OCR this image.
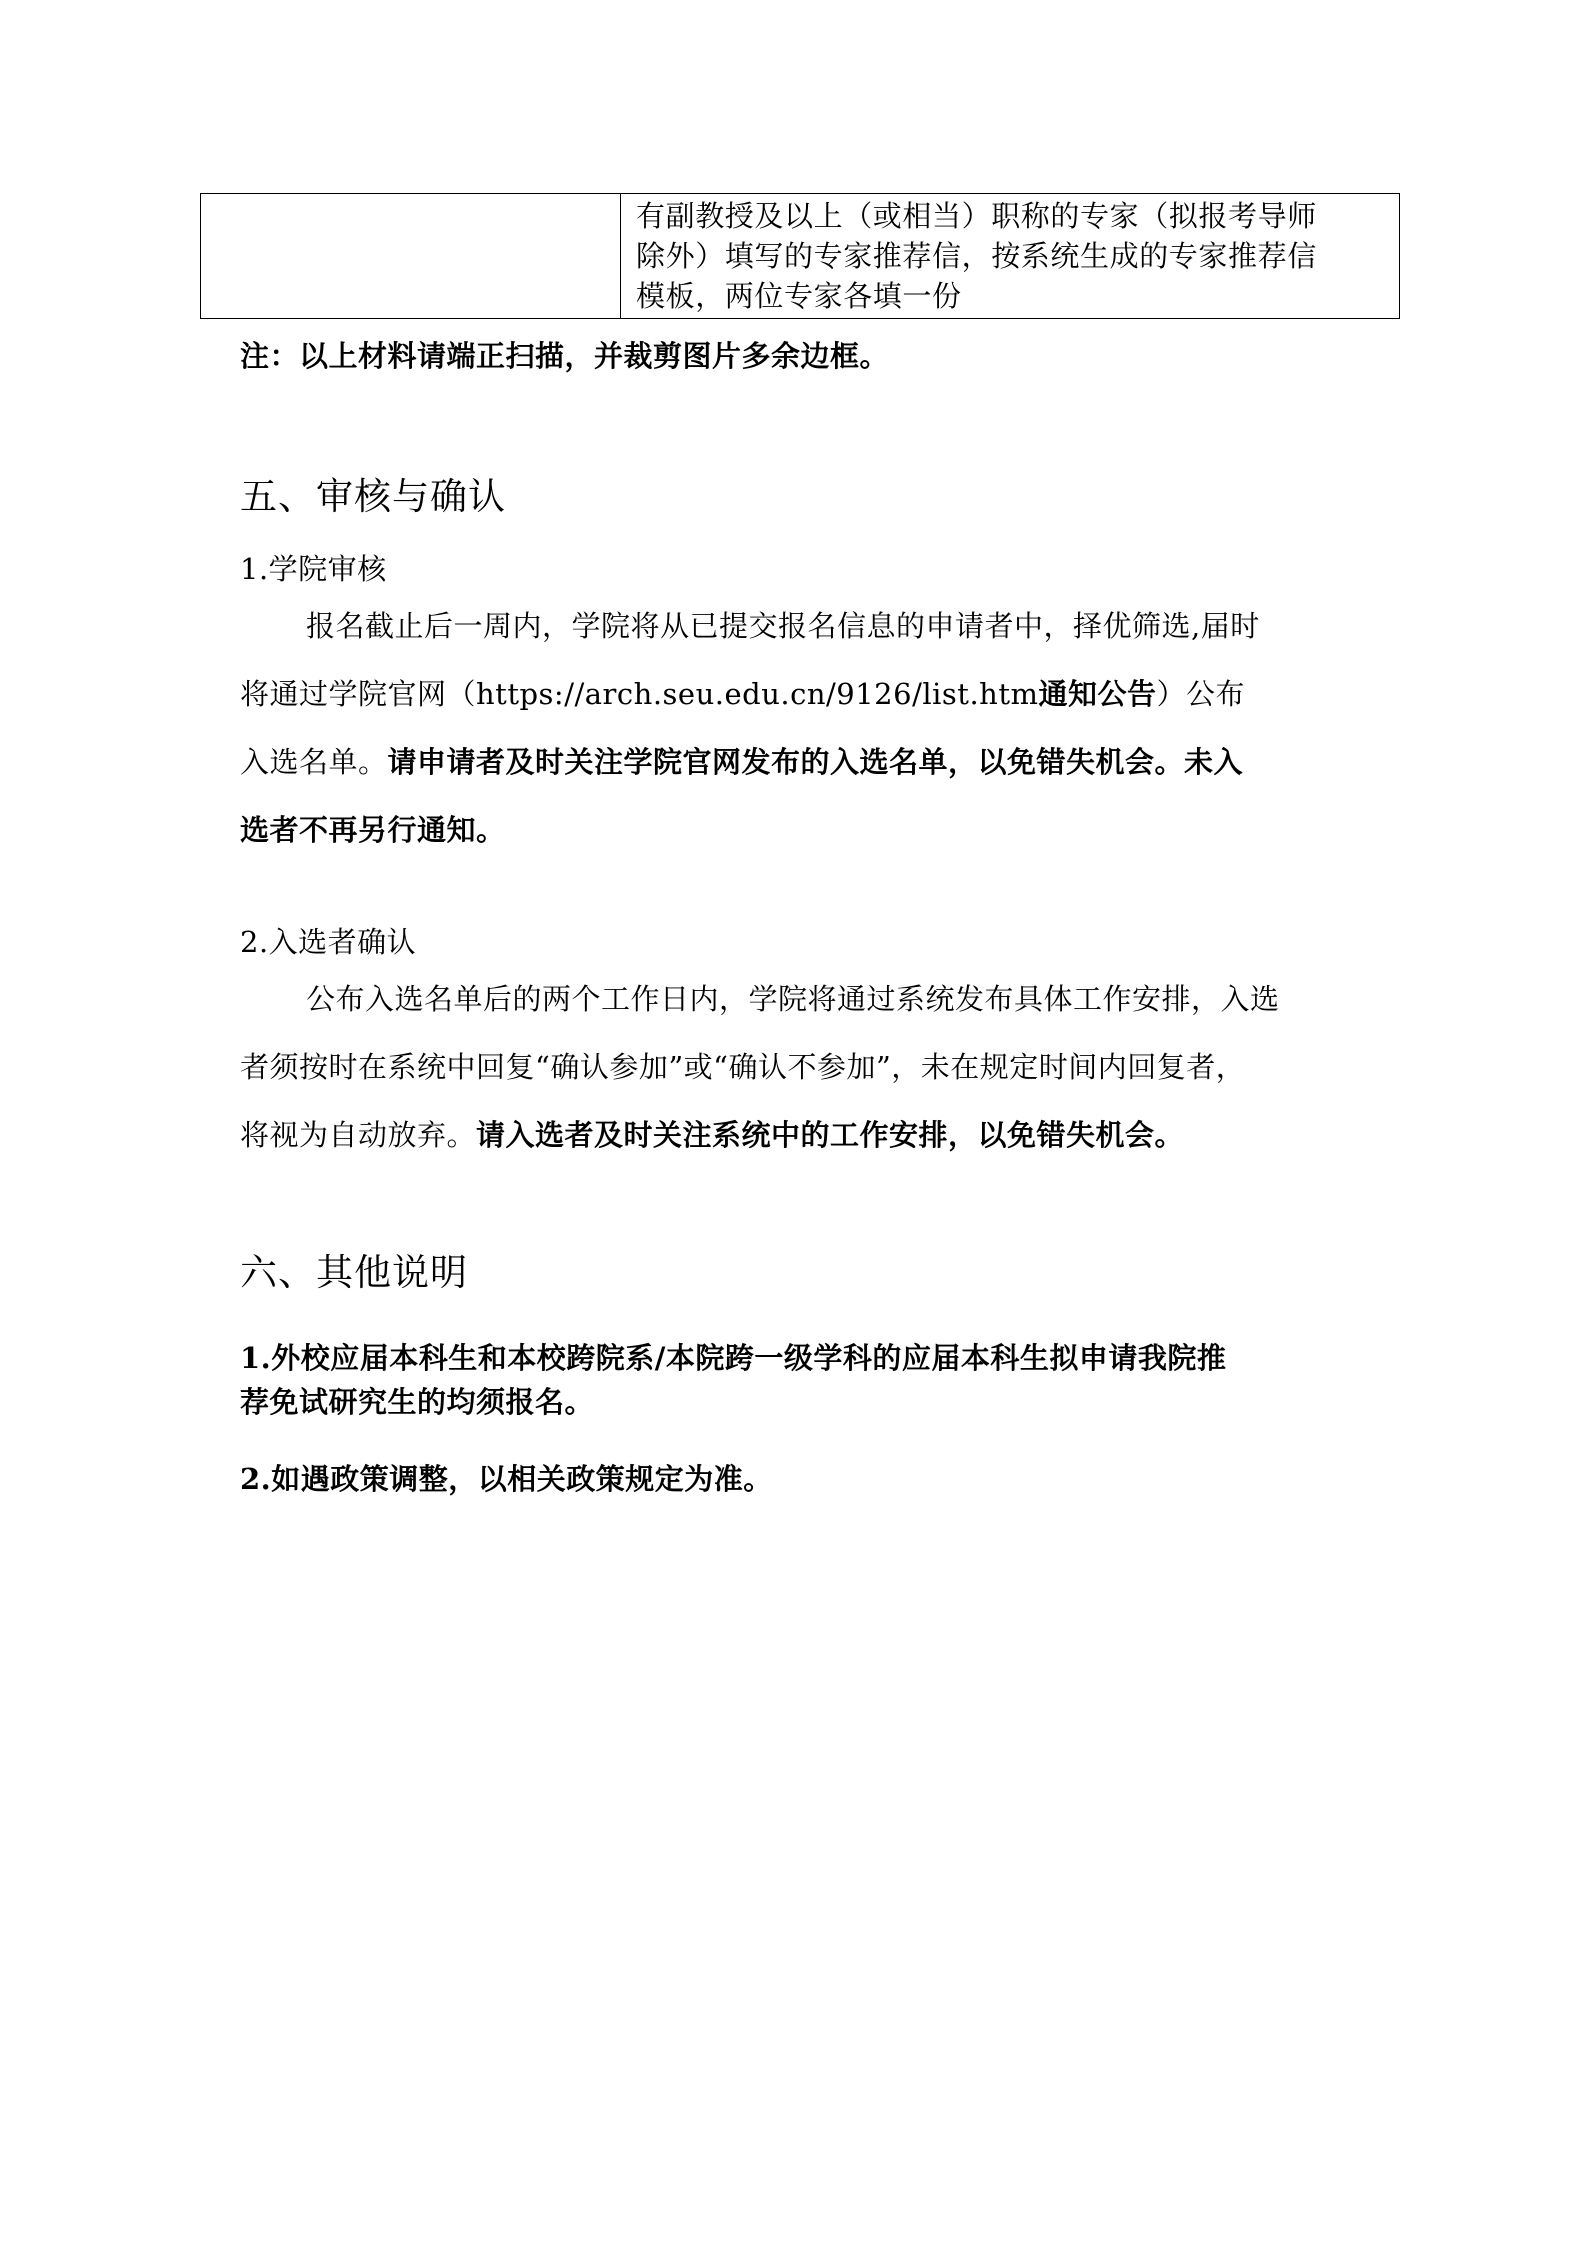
有副教授及以上（或相当）职称的专家（拟报考导师
除外）填写的专家推荐信，按系统生成的专家推荐信
模板，两位专家各填一份
注：以上材料请端正扫描，并裁剪图片多余边框。
五、审核与确认
1.学院审核
报名截止后一周内，学院将从已提交报名信息的申请者中，择优筛选,届时
将通过学院官网（https://arch.seu.edu.cn/9126/list.htm通知公告）公布
入选名单。请申请者及时关注学院官网发布的入选名单，以免错失机会。未入
选者不再另行通知。
2.入选者确认
公布入选名单后的两个工作日内，学院将通过系统发布具体工作安排，入选
者须按时在系统中回复“确认参加”或“确认不参加”，未在规定时间内回复者，
将视为自动放弃。请入选者及时关注系统中的工作安排，以免错失机会。
六、其他说明
1.外校应届本科生和本校跨院系/本院跨一级学科的应届本科生拟申请我院推
荐免试研究生的均须报名。
2.如遇政策调整，以相关政策规定为准。
